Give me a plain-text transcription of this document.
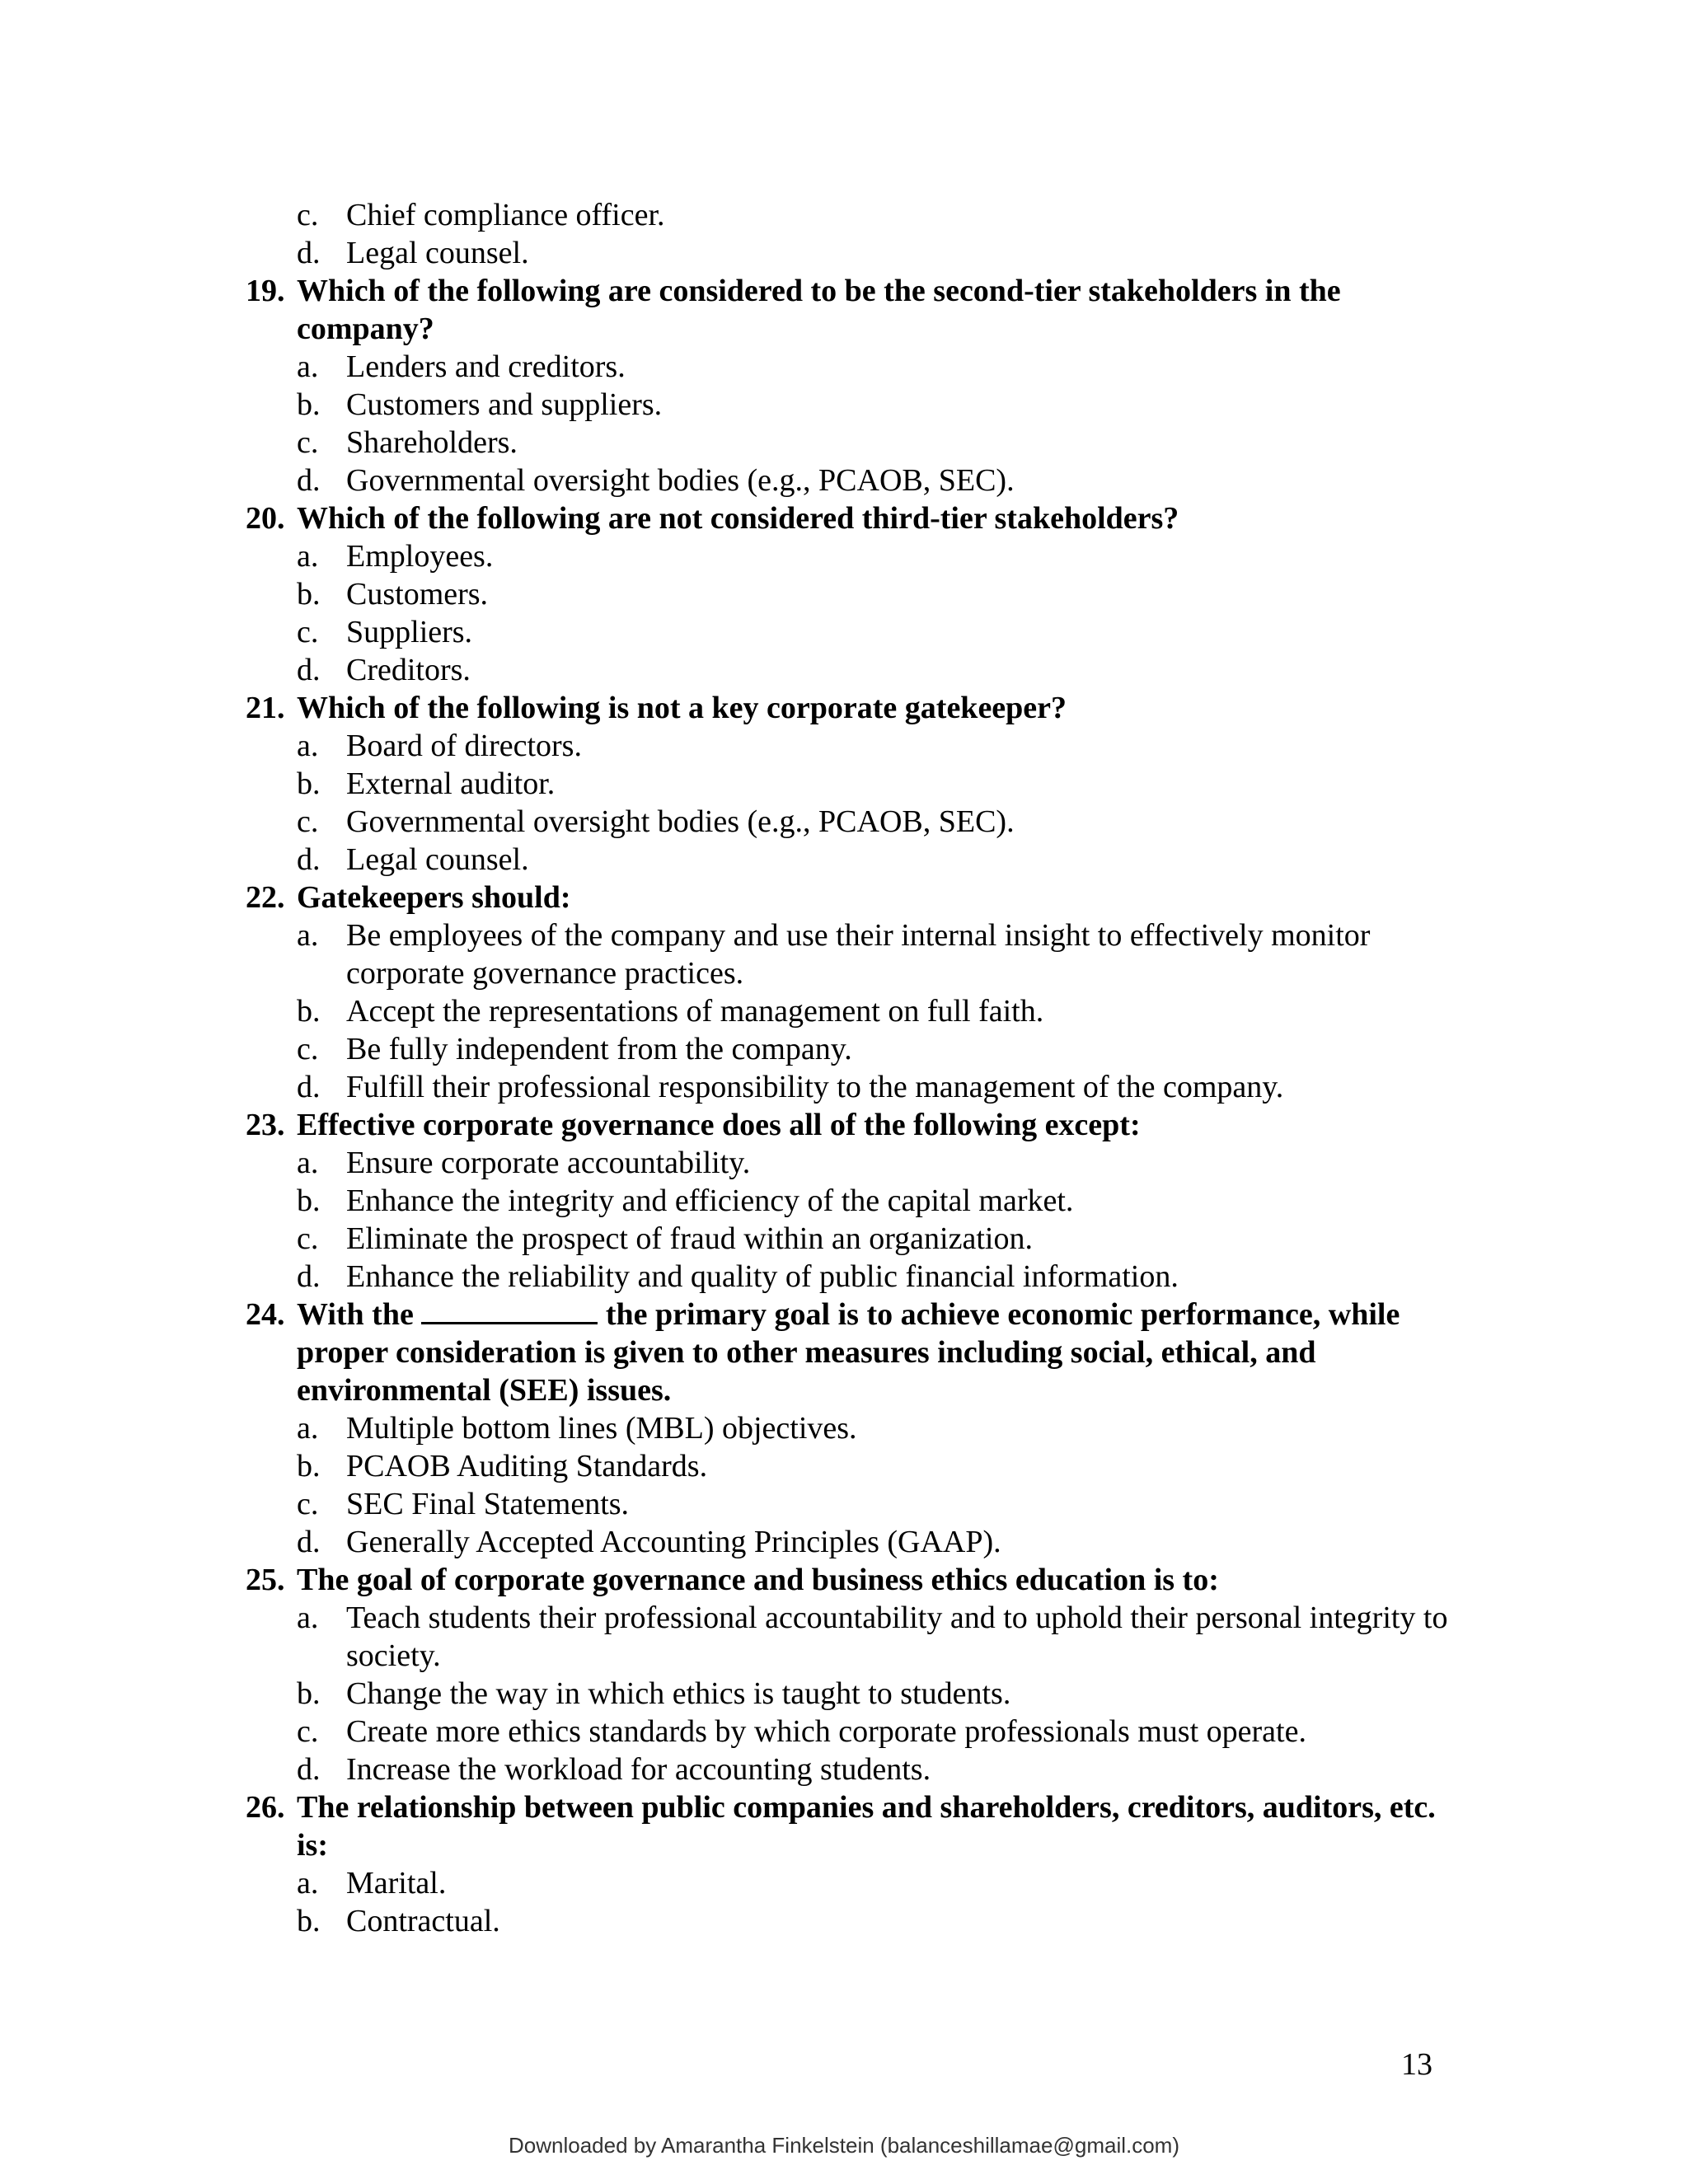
c. Chief compliance officer.
d. Legal counsel.
19. Which of the following are considered to be the second-tier stakeholders in the company?
a. Lenders and creditors.
b. Customers and suppliers.
c. Shareholders.
d. Governmental oversight bodies (e.g., PCAOB, SEC).
20. Which of the following are not considered third-tier stakeholders?
a. Employees.
b. Customers.
c. Suppliers.
d. Creditors.
21. Which of the following is not a key corporate gatekeeper?
a. Board of directors.
b. External auditor.
c. Governmental oversight bodies (e.g., PCAOB, SEC).
d. Legal counsel.
22. Gatekeepers should:
a. Be employees of the company and use their internal insight to effectively monitor corporate governance practices.
b. Accept the representations of management on full faith.
c. Be fully independent from the company.
d. Fulfill their professional responsibility to the management of the company.
23. Effective corporate governance does all of the following except:
a. Ensure corporate accountability.
b. Enhance the integrity and efficiency of the capital market.
c. Eliminate the prospect of fraud within an organization.
d. Enhance the reliability and quality of public financial information.
24. With the	the primary goal is to achieve economic performance, while proper consideration is given to other measures including social, ethical, and environmental (SEE) issues.
a. Multiple bottom lines (MBL) objectives.
b. PCAOB Auditing Standards.
c. SEC Final Statements.
d. Generally Accepted Accounting Principles (GAAP).
25. The goal of corporate governance and business ethics education is to:
a. Teach students their professional accountability and to uphold their personal integrity to society.
b. Change the way in which ethics is taught to students.
c. Create more ethics standards by which corporate professionals must operate.
d. Increase the workload for accounting students.
26. The relationship between public companies and shareholders, creditors, auditors, etc. is:
a. Marital.
b. Contractual.
13
Downloaded by Amarantha Finkelstein (balanceshillamae@gmail.com)
